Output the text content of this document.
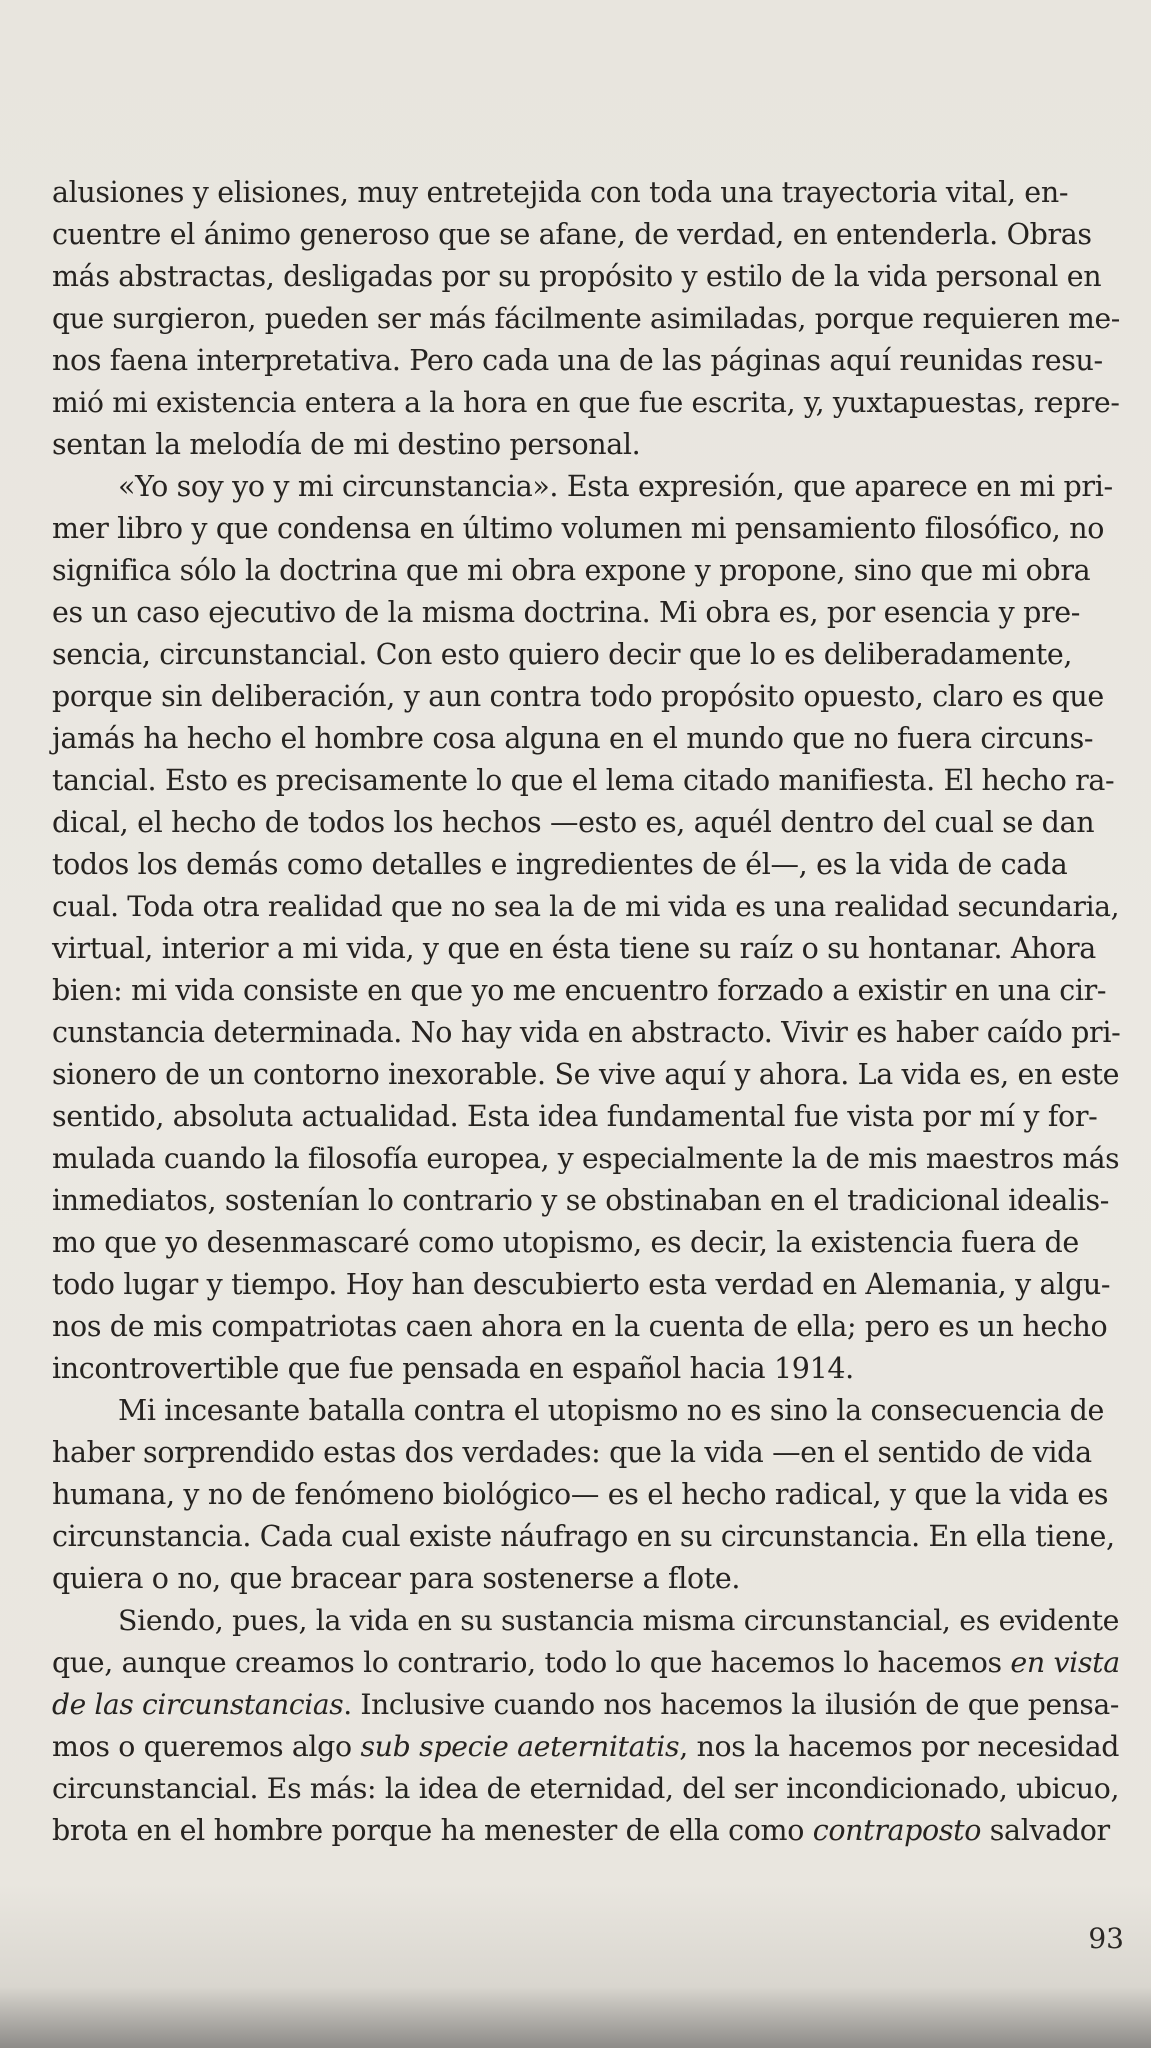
alusiones y elisiones, muy entretejida con toda una trayectoria vital, en-
cuentre el ánimo generoso que se afane, de verdad, en entenderla. Obras
más abstractas, desligadas por su propósito y estilo de la vida personal en
que surgieron, pueden ser más fácilmente asimiladas, porque requieren me-
nos faena interpretativa. Pero cada una de las páginas aquí reunidas resu-
mió mi existencia entera a la hora en que fue escrita, y, yuxtapuestas, repre-
sentan la melodía de mi destino personal.
«Yo soy yo y mi circunstancia». Esta expresión, que aparece en mi pri-
mer libro y que condensa en último volumen mi pensamiento filosófico, no
significa sólo la doctrina que mi obra expone y propone, sino que mi obra
es un caso ejecutivo de la misma doctrina. Mi obra es, por esencia y pre-
sencia, circunstancial. Con esto quiero decir que lo es deliberadamente,
porque sin deliberación, y aun contra todo propósito opuesto, claro es que
jamás ha hecho el hombre cosa alguna en el mundo que no fuera circuns-
tancial. Esto es precisamente lo que el lema citado manifiesta. El hecho ra-
dical, el hecho de todos los hechos —esto es, aquél dentro del cual se dan
todos los demás como detalles e ingredientes de él—, es la vida de cada
cual. Toda otra realidad que no sea la de mi vida es una realidad secundaria,
virtual, interior a mi vida, y que en ésta tiene su raíz o su hontanar. Ahora
bien: mi vida consiste en que yo me encuentro forzado a existir en una cir-
cunstancia determinada. No hay vida en abstracto. Vivir es haber caído pri-
sionero de un contorno inexorable. Se vive aquí y ahora. La vida es, en este
sentido, absoluta actualidad. Esta idea fundamental fue vista por mí y for-
mulada cuando la filosofía europea, y especialmente la de mis maestros más
inmediatos, sostenían lo contrario y se obstinaban en el tradicional idealis-
mo que yo desenmascaré como utopismo, es decir, la existencia fuera de
todo lugar y tiempo. Hoy han descubierto esta verdad en Alemania, y algu-
nos de mis compatriotas caen ahora en la cuenta de ella; pero es un hecho
incontrovertible que fue pensada en español hacia 1914.
Mi incesante batalla contra el utopismo no es sino la consecuencia de
haber sorprendido estas dos verdades: que la vida —en el sentido de vida
humana, y no de fenómeno biológico— es el hecho radical, y que la vida es
circunstancia. Cada cual existe náufrago en su circunstancia. En ella tiene,
quiera o no, que bracear para sostenerse a flote.
Siendo, pues, la vida en su sustancia misma circunstancial, es evidente
que, aunque creamos lo contrario, todo lo que hacemos lo hacemos en vista
de las circunstancias. Inclusive cuando nos hacemos la ilusión de que pensa-
mos o queremos algo sub specie aeternitatis, nos la hacemos por necesidad
circunstancial. Es más: la idea de eternidad, del ser incondicionado, ubicuo,
brota en el hombre porque ha menester de ella como contraposto salvador
93
